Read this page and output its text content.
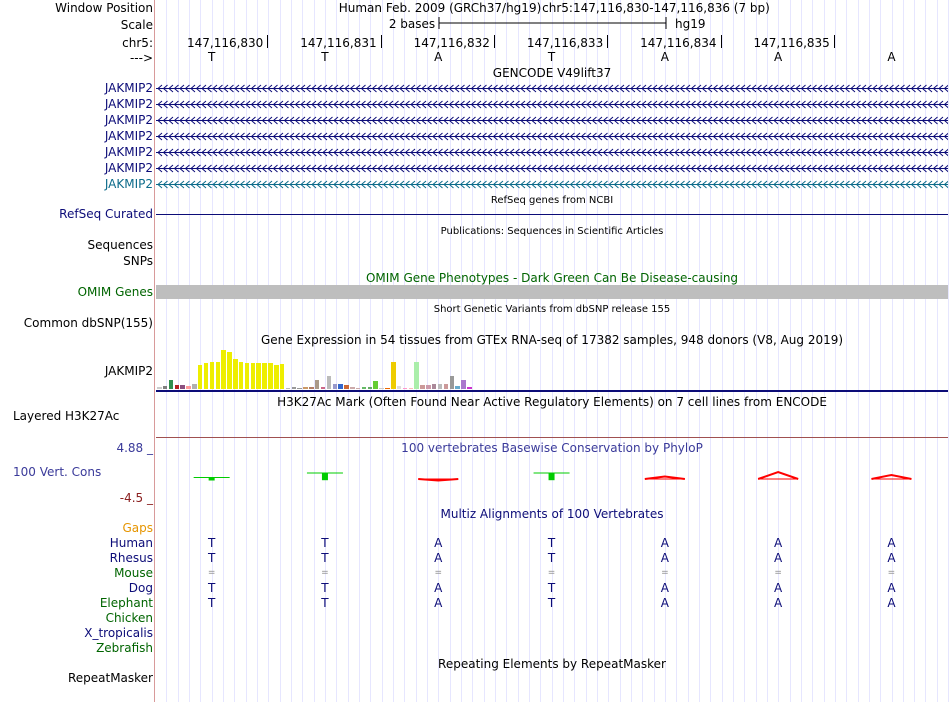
Window Position	Human Feb. 2009 (GRCh37/hg19) chr5:147,116,830-147,116,836 (7 bp)
Scale	2 bases	hg19
chr5:	147,116,830	147,116,831	147,116,832	147,116,833	147,116,834	147,116,835
--->	T	T	A	T	A	A	A
GENCODE V49lift37
JAKMIP2
JAKMIP2
JAKMIP2
JAKMIP2
JAKMIP2
JAKMIP2
JAKMIP2
RefSeq genes from NCBI
RefSeq Curated
Publications: Sequences in Scientific Articles
Sequences
SNPs
OMIM Gene Phenotypes - Dark Green Can Be Disease-causing
OMIM Genes
Short Genetic Variants from dbSNP release 155
Common dbSNP(155)
Gene Expression in 54 tissues from GTEx RNA-seq of 17382 samples, 948 donors (V8, Aug 2019)
JAKMIP2
H3K27Ac Mark (Often Found Near Active Regulatory Elements) on 7 cell lines from ENCODE
Layered H3K27Ac
100 vertebrates Basewise Conservation by PhyloP
4.88 _
100 Vert. Cons
-4.5 _
Multiz Alignments of 100 Vertebrates
Gaps
Human	T	T	A	T	A	A	A
Rhesus	T	T	A	T	A	A	A
Mouse	=	=	=	=	=	=	=
Dog	T	T	A	T	A	A	A
Elephant	T	T	A	T	A	A	A
Chicken
X_tropicalis
Zebrafish
Repeating Elements by RepeatMasker
RepeatMasker
